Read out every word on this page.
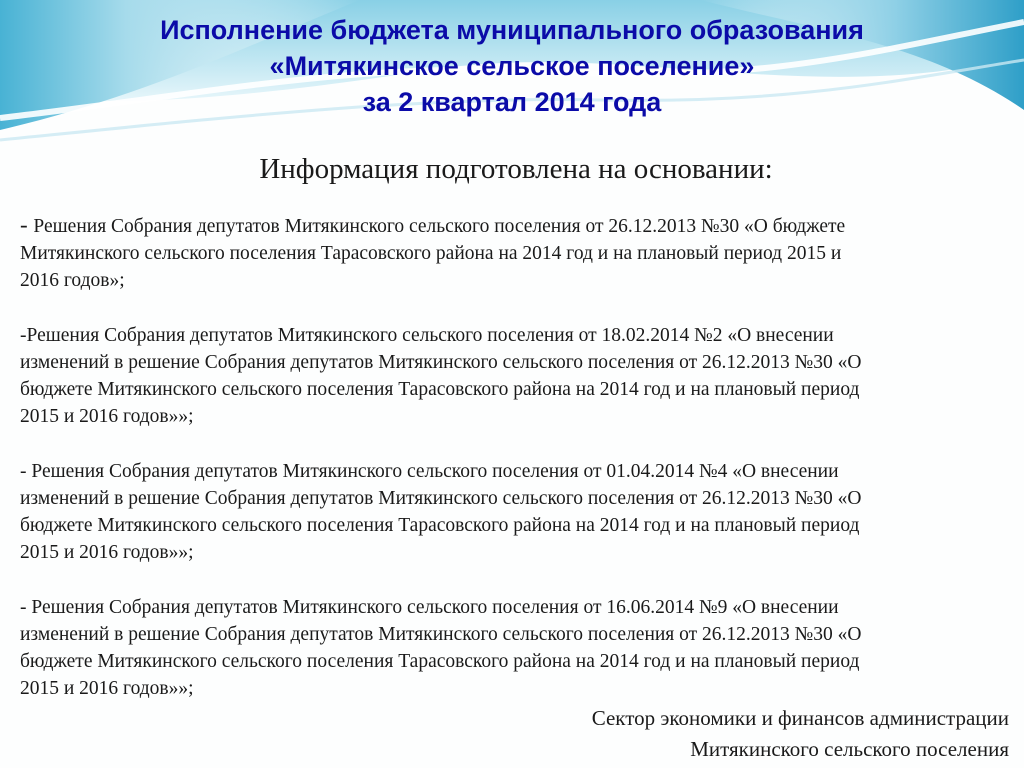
Исполнение бюджета муниципального образования
«Митякинское сельское поселение»
за 2 квартал 2014 года

Информация подготовлена на основании:

- Решения Собрания депутатов Митякинского сельского поселения от 26.12.2013 №30 «О бюджете
Митякинского сельского поселения Тарасовского района на 2014 год и на плановый период 2015 и
2016 годов»;

-Решения Собрания депутатов Митякинского сельского поселения от 18.02.2014 №2 «О внесении
изменений в решение Собрания депутатов Митякинского сельского поселения от 26.12.2013 №30 «О
бюджете Митякинского сельского поселения Тарасовского района на 2014 год и на плановый период
2015 и 2016 годов»»;

- Решения Собрания депутатов Митякинского сельского поселения от 01.04.2014 №4 «О внесении
изменений в решение Собрания депутатов Митякинского сельского поселения от 26.12.2013 №30 «О
бюджете Митякинского сельского поселения Тарасовского района на 2014 год и на плановый период
2015 и 2016 годов»»;

- Решения Собрания депутатов Митякинского сельского поселения от 16.06.2014 №9 «О внесении
изменений в решение Собрания депутатов Митякинского сельского поселения от 26.12.2013 №30 «О
бюджете Митякинского сельского поселения Тарасовского района на 2014 год и на плановый период
2015 и 2016 годов»»;

Сектор экономики и финансов администрации
Митякинского сельского поселения
